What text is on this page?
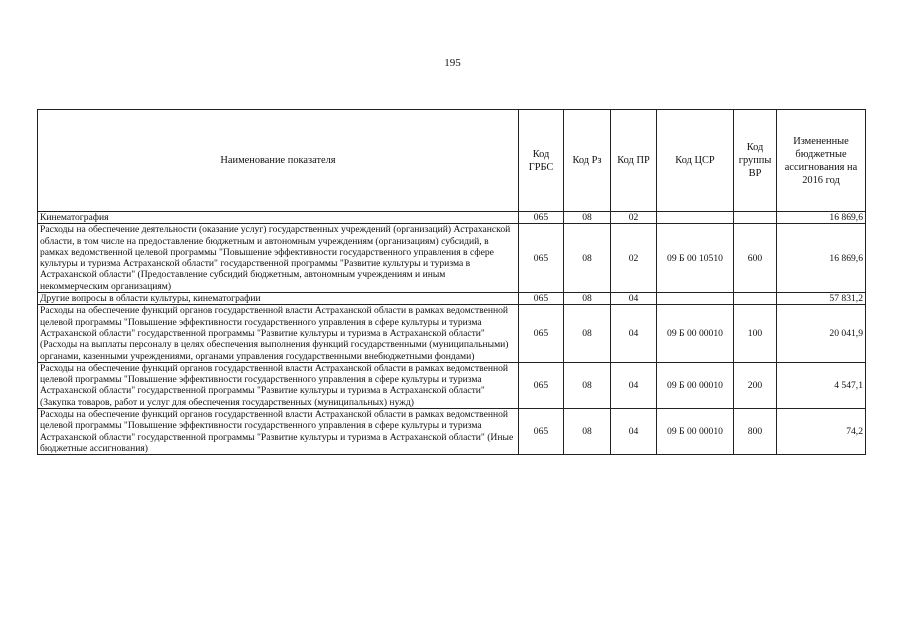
195
Наименование показателя	Код ГРБС	Код Рз	Код ПР	Код ЦСР	Код группы ВР	Измененные бюджетные ассигнования на 2016 год
Кинематография	065	08	02			16 869,6
Расходы на обеспечение деятельности (оказание услуг) государственных учреждений (организаций) Астраханской области, в том числе на предоставление бюджетным и автономным учреждениям (организациям) субсидий, в рамках ведомственной целевой программы "Повышение эффективности государственного управления в сфере культуры и туризма Астраханской области" государственной программы "Развитие культуры и туризма в Астраханской области" (Предоставление субсидий бюджетным, автономным учреждениям и иным некоммерческим организациям)	065	08	02	09 Б 00 10510	600	16 869,6
Другие вопросы в области культуры, кинематографии	065	08	04			57 831,2
Расходы на обеспечение функций органов государственной власти Астраханской области в рамках ведомственной целевой программы "Повышение эффективности государственного управления в сфере культуры и туризма Астраханской области" государственной программы "Развитие культуры и туризма в Астраханской области" (Расходы на выплаты персоналу в целях обеспечения выполнения функций государственными (муниципальными) органами, казенными учреждениями, органами управления государственными внебюджетными фондами)	065	08	04	09 Б 00 00010	100	20 041,9
Расходы на обеспечение функций органов государственной власти Астраханской области в рамках ведомственной целевой программы "Повышение эффективности государственного управления в сфере культуры и туризма Астраханской области" государственной программы "Развитие культуры и туризма в Астраханской области" (Закупка товаров, работ и услуг для обеспечения государственных (муниципальных) нужд)	065	08	04	09 Б 00 00010	200	4 547,1
Расходы на обеспечение функций органов государственной власти Астраханской области в рамках ведомственной целевой программы "Повышение эффективности государственного управления в сфере культуры и туризма Астраханской области" государственной программы "Развитие культуры и туризма в Астраханской области" (Иные бюджетные ассигнования)	065	08	04	09 Б 00 00010	800	74,2
